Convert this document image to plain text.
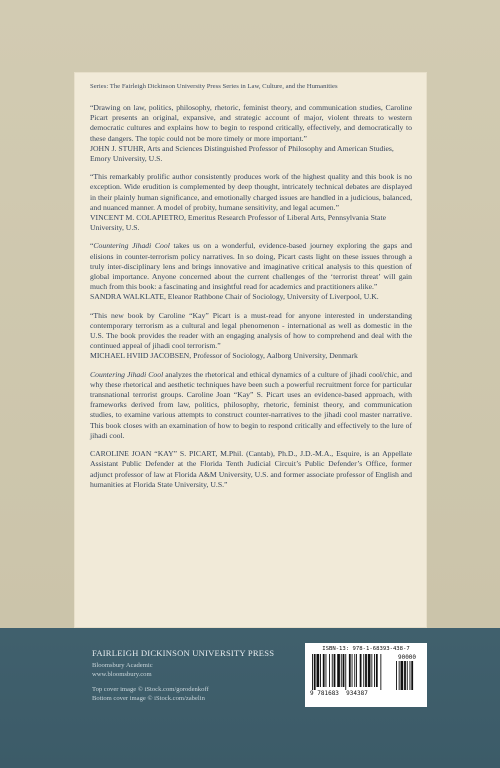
Series: The Fairleigh Dickinson University Press Series in Law, Culture, and the Humanities

“Drawing on law, politics, philosophy, rhetoric, feminist theory, and communication studies, Caroline Picart presents an original, expansive, and strategic account of major, violent threats to western democratic cultures and explains how to begin to respond critically, effectively, and democratically to these dangers. The topic could not be more timely or more important.”

JOHN J. STUHR, Arts and Sciences Distinguished Professor of Philosophy and American Studies, Emory University, U.S.

“This remarkably prolific author consistently produces work of the highest quality and this book is no exception. Wide erudition is complemented by deep thought, intricately technical debates are displayed in their plainly human significance, and emotionally charged issues are handled in a judicious, balanced, and nuanced manner. A model of probity, humane sensitivity, and legal acumen.”

VINCENT M. COLAPIETRO, Emeritus Research Professor of Liberal Arts, Pennsylvania State University, U.S.

“Countering Jihadi Cool takes us on a wonderful, evidence-based journey exploring the gaps and elisions in counter-terrorism policy narratives. In so doing, Picart casts light on these issues through a truly inter-disciplinary lens and brings innovative and imaginative critical analysis to this question of global importance. Anyone concerned about the current challenges of the ‘terrorist threat’ will gain much from this book: a fascinating and insightful read for academics and practitioners alike.”

SANDRA WALKLATE, Eleanor Rathbone Chair of Sociology, University of Liverpool, U.K.

“This new book by Caroline “Kay” Picart is a must-read for anyone interested in understanding contemporary terrorism as a cultural and legal phenomenon - international as well as domestic in the U.S. The book provides the reader with an engaging analysis of how to comprehend and deal with the continued appeal of jihadi cool terrorism.”

MICHAEL HVIID JACOBSEN, Professor of Sociology, Aalborg University, Denmark

Countering Jihadi Cool analyzes the rhetorical and ethical dynamics of a culture of jihadi cool/chic, and why these rhetorical and aesthetic techniques have been such a powerful recruitment force for particular transnational terrorist groups. Caroline Joan “Kay” S. Picart uses an evidence-based approach, with frameworks derived from law, politics, philosophy, rhetoric, feminist theory, and communication studies, to examine various attempts to construct counter-narratives to the jihadi cool master narrative. This book closes with an examination of how to begin to respond critically and effectively to the lure of jihadi cool.

CAROLINE JOAN “KAY” S. PICART, M.Phil. (Cantab), Ph.D., J.D.-M.A., Esquire, is an Appellate Assistant Public Defender at the Florida Tenth Judicial Circuit’s Public Defender’s Office, former adjunct professor of law at Florida A&M University, U.S. and former associate professor of English and humanities at Florida State University, U.S.”

FAIRLEIGH DICKINSON UNIVERSITY PRESS
Bloomsbury Academic
www.bloomsbury.com
Top cover image © iStock.com/gorodenkoff
Bottom cover image © iStock.com/zabelin
ISBN-13: 978-1-68393-438-7
90000
9 781683 934387
